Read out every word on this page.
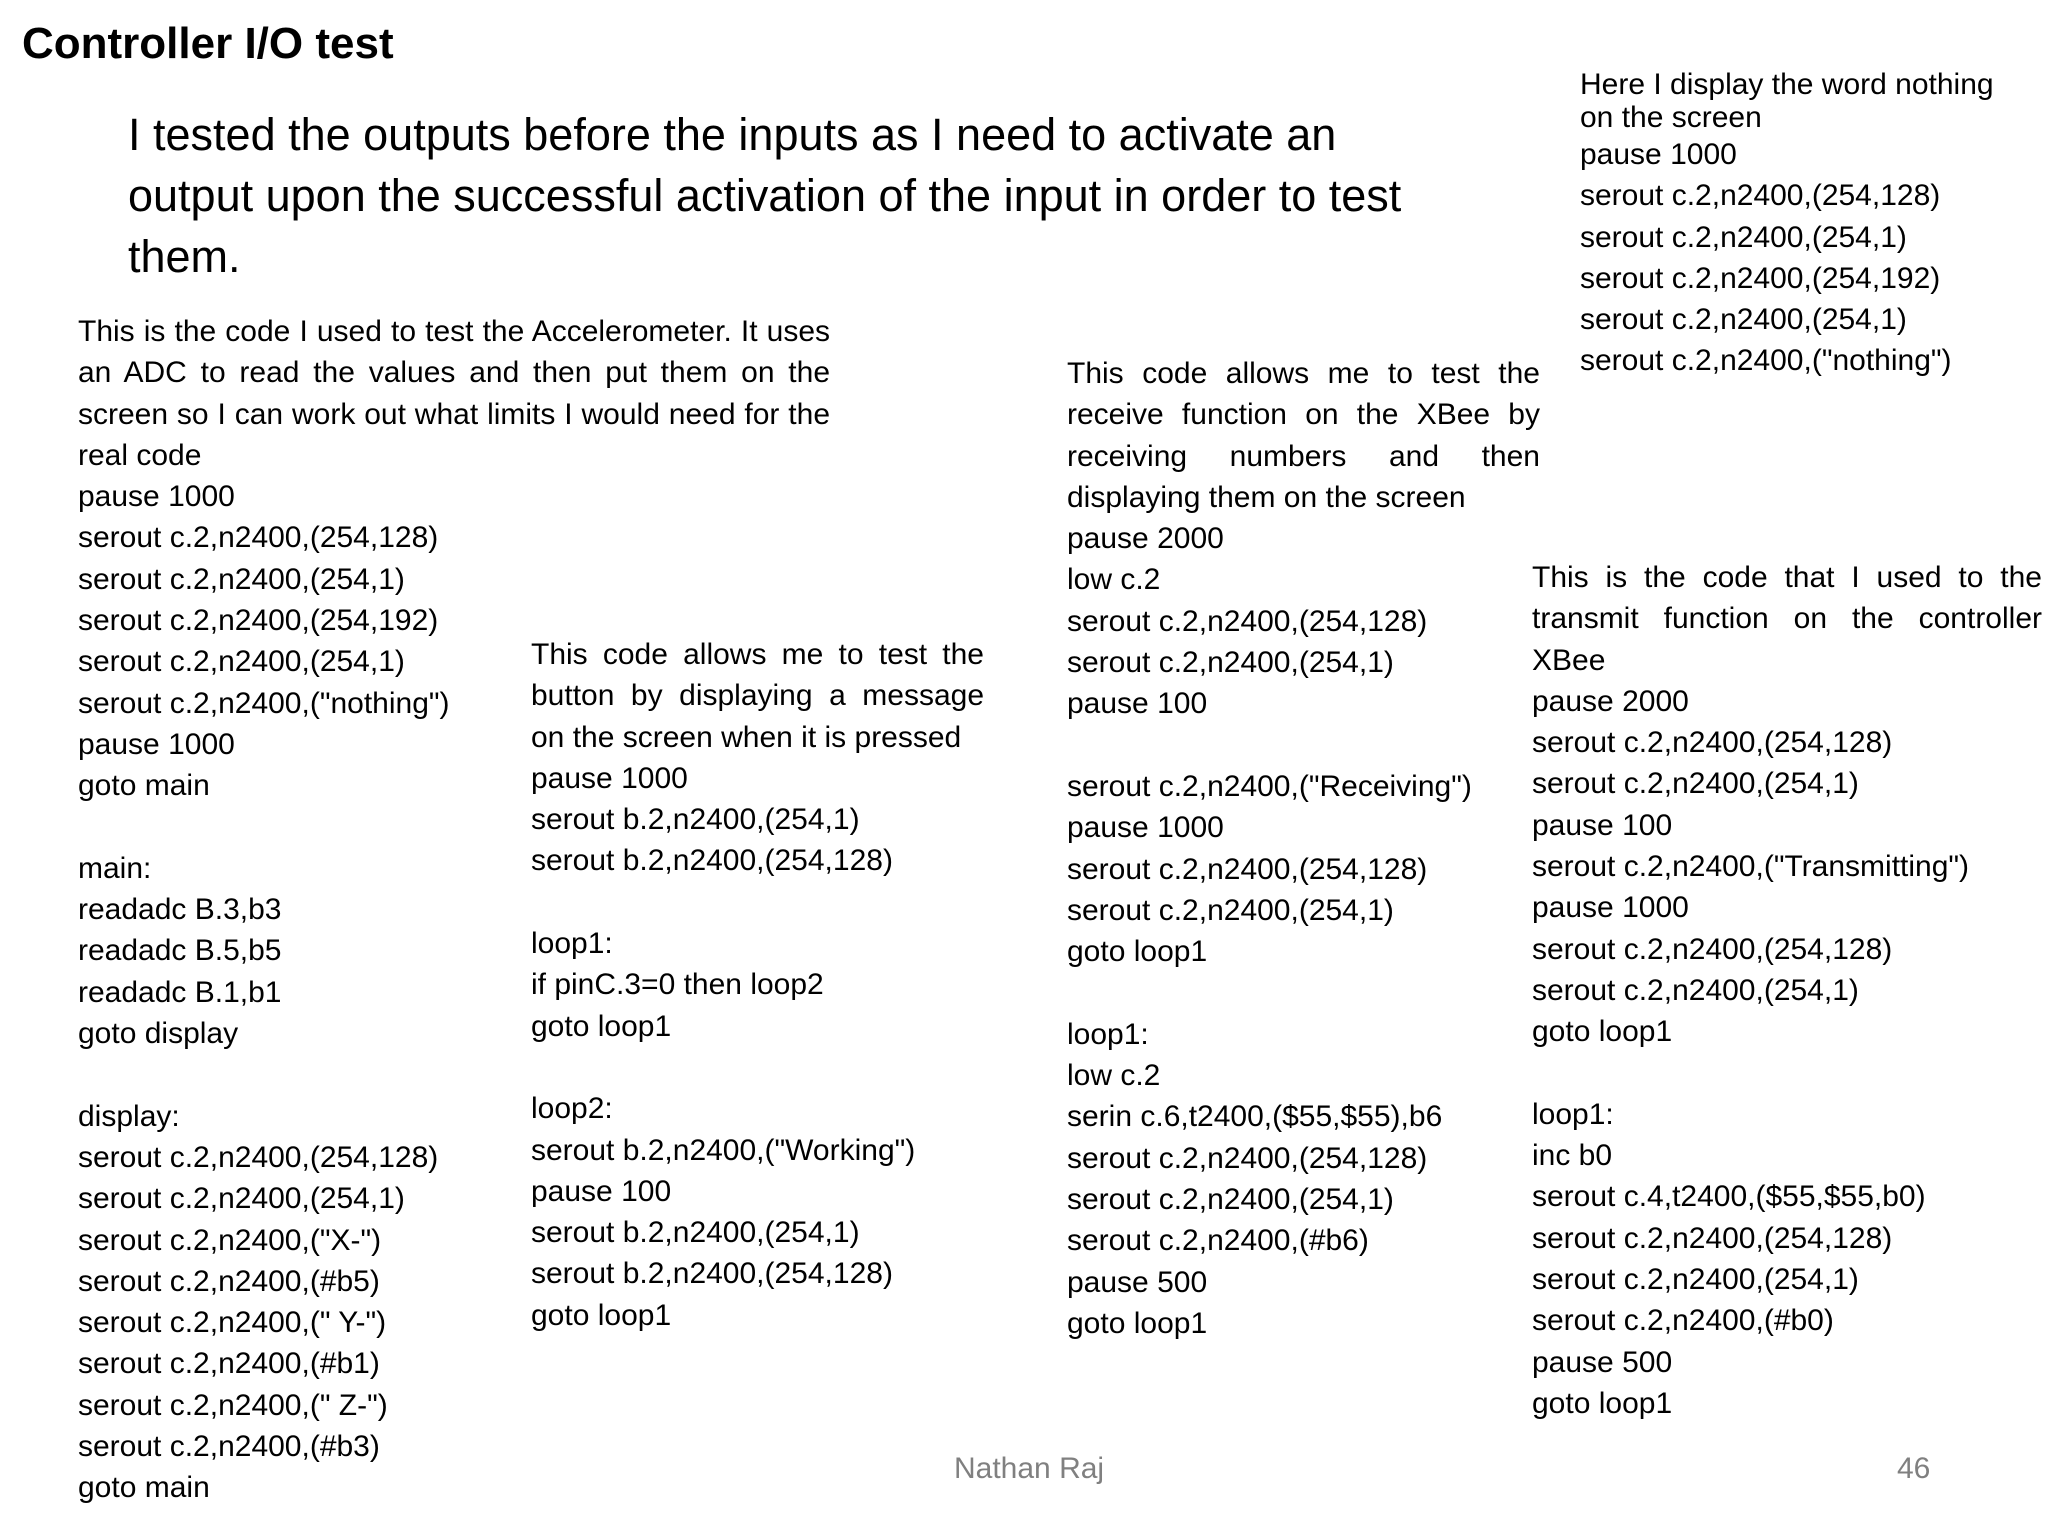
Controller I/O test
I tested the outputs before the inputs as I need to activate an output upon the successful activation of the input in order to test them.
This is the code I used to test the Accelerometer. It uses an ADC to read the values and then put them on the screen so I can work out what limits I would need for the real code
pause 1000
serout c.2,n2400,(254,128)
serout c.2,n2400,(254,1)
serout c.2,n2400,(254,192)
serout c.2,n2400,(254,1)
serout c.2,n2400,("nothing")
pause 1000
goto main

main:
readadc B.3,b3
readadc B.5,b5
readadc B.1,b1
goto display

display:
serout c.2,n2400,(254,128)
serout c.2,n2400,(254,1)
serout c.2,n2400,("X-")
serout c.2,n2400,(#b5)
serout c.2,n2400,(" Y-")
serout c.2,n2400,(#b1)
serout c.2,n2400,(" Z-")
serout c.2,n2400,(#b3)
goto main
This code allows me to test the button by displaying a message on the screen when it is pressed
pause 1000
serout b.2,n2400,(254,1)
serout b.2,n2400,(254,128)

loop1:
if pinC.3=0 then loop2
goto loop1

loop2:
serout b.2,n2400,("Working")
pause 100
serout b.2,n2400,(254,1)
serout b.2,n2400,(254,128)
goto loop1
This code allows me to test the receive function on the XBee by receiving numbers and then displaying them on the screen
pause 2000
low c.2
serout c.2,n2400,(254,128)
serout c.2,n2400,(254,1)
pause 100

serout c.2,n2400,("Receiving")
pause 1000
serout c.2,n2400,(254,128)
serout c.2,n2400,(254,1)
goto loop1

loop1:
low c.2
serin c.6,t2400,($55,$55),b6
serout c.2,n2400,(254,128)
serout c.2,n2400,(254,1)
serout c.2,n2400,(#b6)
pause 500
goto loop1
Here I display the word nothing
on the screen
pause 1000
serout c.2,n2400,(254,128)
serout c.2,n2400,(254,1)
serout c.2,n2400,(254,192)
serout c.2,n2400,(254,1)
serout c.2,n2400,("nothing")
This is the code that I used to the transmit function on the controller XBee
pause 2000
serout c.2,n2400,(254,128)
serout c.2,n2400,(254,1)
pause 100
serout c.2,n2400,("Transmitting")
pause 1000
serout c.2,n2400,(254,128)
serout c.2,n2400,(254,1)
goto loop1

loop1:
inc b0
serout c.4,t2400,($55,$55,b0)
serout c.2,n2400,(254,128)
serout c.2,n2400,(254,1)
serout c.2,n2400,(#b0)
pause 500
goto loop1
Nathan Raj	46
